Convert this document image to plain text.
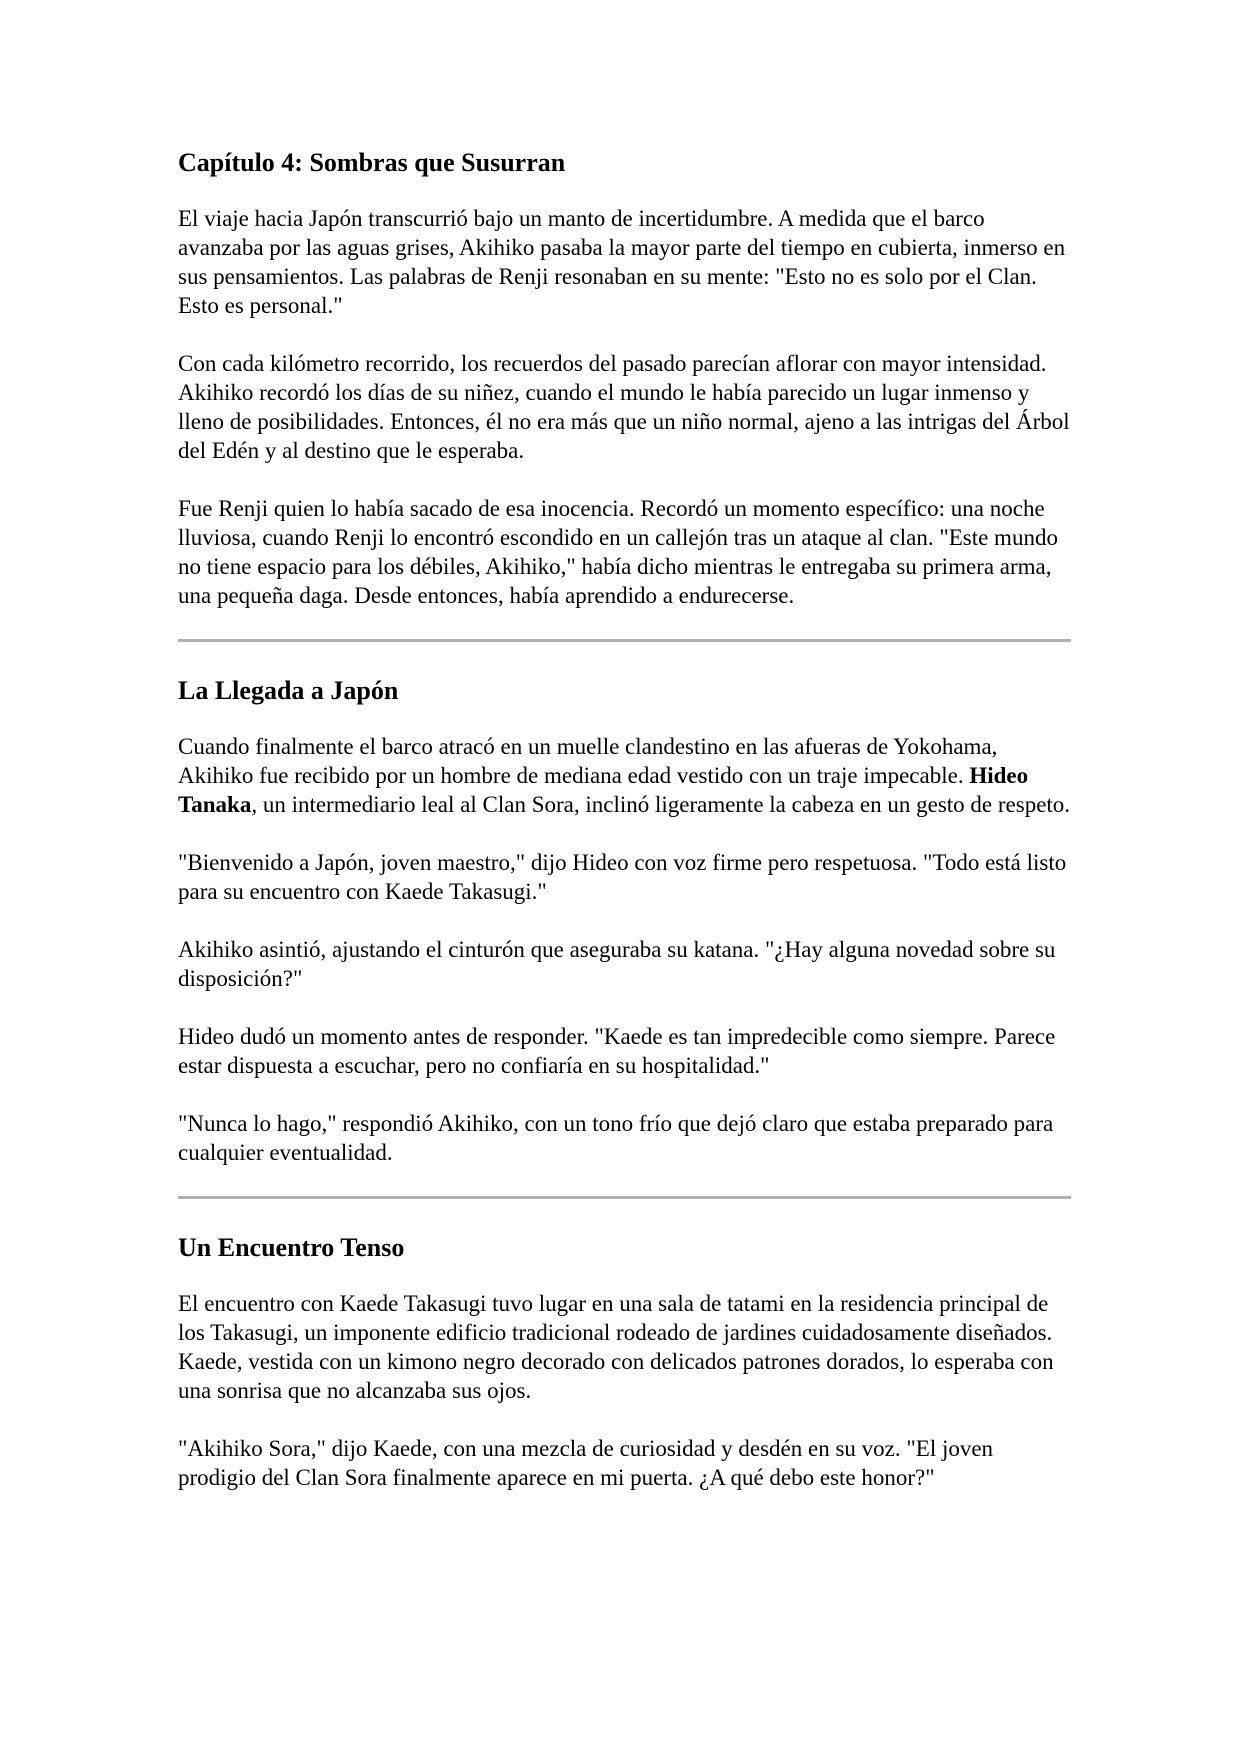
Capítulo 4: Sombras que Susurran

El viaje hacia Japón transcurrió bajo un manto de incertidumbre. A medida que el barco avanzaba por las aguas grises, Akihiko pasaba la mayor parte del tiempo en cubierta, inmerso en sus pensamientos. Las palabras de Renji resonaban en su mente: "Esto no es solo por el Clan. Esto es personal."

Con cada kilómetro recorrido, los recuerdos del pasado parecían aflorar con mayor intensidad. Akihiko recordó los días de su niñez, cuando el mundo le había parecido un lugar inmenso y lleno de posibilidades. Entonces, él no era más que un niño normal, ajeno a las intrigas del Árbol del Edén y al destino que le esperaba.

Fue Renji quien lo había sacado de esa inocencia. Recordó un momento específico: una noche lluviosa, cuando Renji lo encontró escondido en un callejón tras un ataque al clan. "Este mundo no tiene espacio para los débiles, Akihiko," había dicho mientras le entregaba su primera arma, una pequeña daga. Desde entonces, había aprendido a endurecerse.

La Llegada a Japón

Cuando finalmente el barco atracó en un muelle clandestino en las afueras de Yokohama, Akihiko fue recibido por un hombre de mediana edad vestido con un traje impecable. Hideo Tanaka, un intermediario leal al Clan Sora, inclinó ligeramente la cabeza en un gesto de respeto.

"Bienvenido a Japón, joven maestro," dijo Hideo con voz firme pero respetuosa. "Todo está listo para su encuentro con Kaede Takasugi."

Akihiko asintió, ajustando el cinturón que aseguraba su katana. "¿Hay alguna novedad sobre su disposición?"

Hideo dudó un momento antes de responder. "Kaede es tan impredecible como siempre. Parece estar dispuesta a escuchar, pero no confiaría en su hospitalidad."

"Nunca lo hago," respondió Akihiko, con un tono frío que dejó claro que estaba preparado para cualquier eventualidad.

Un Encuentro Tenso

El encuentro con Kaede Takasugi tuvo lugar en una sala de tatami en la residencia principal de los Takasugi, un imponente edificio tradicional rodeado de jardines cuidadosamente diseñados. Kaede, vestida con un kimono negro decorado con delicados patrones dorados, lo esperaba con una sonrisa que no alcanzaba sus ojos.

"Akihiko Sora," dijo Kaede, con una mezcla de curiosidad y desdén en su voz. "El joven prodigio del Clan Sora finalmente aparece en mi puerta. ¿A qué debo este honor?"
